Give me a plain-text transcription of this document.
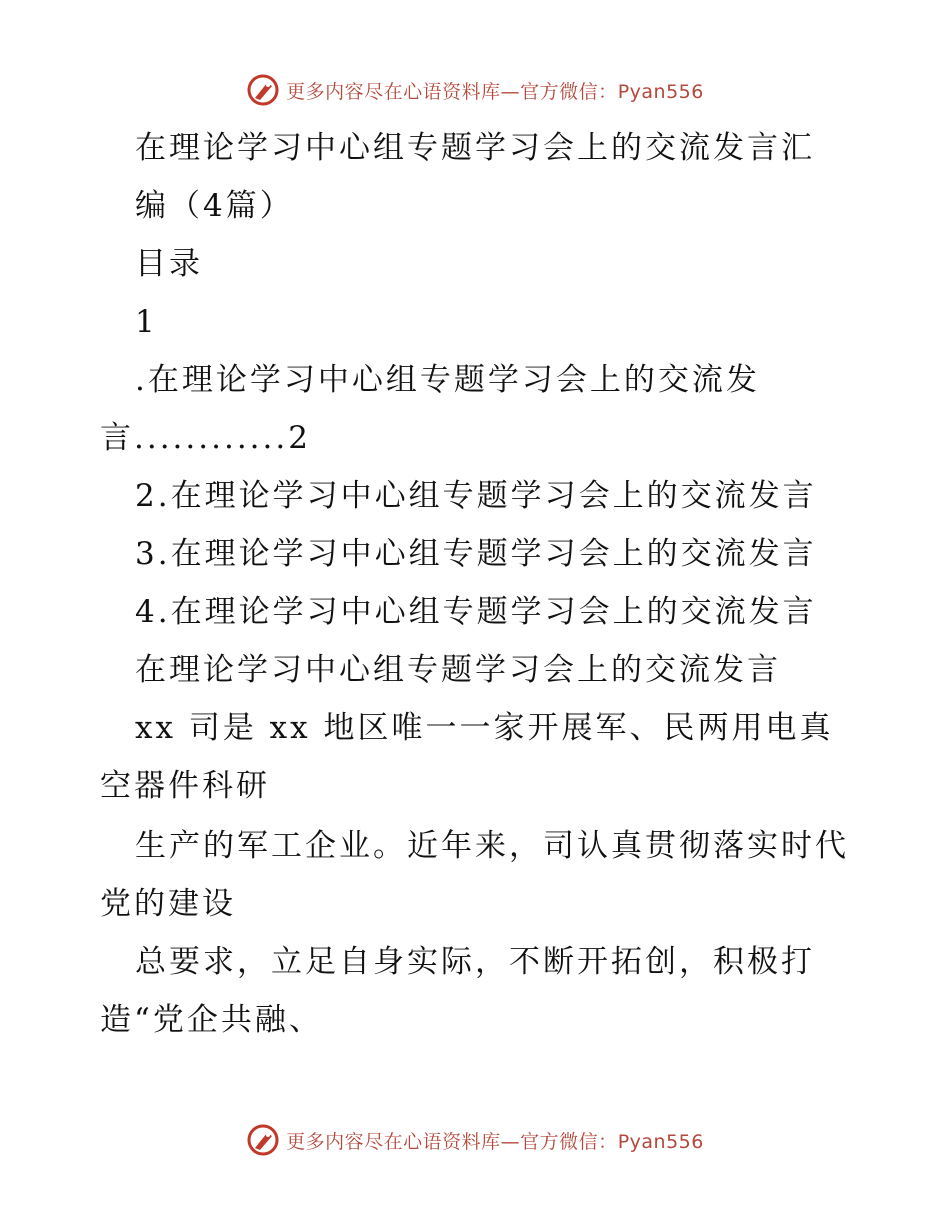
更多内容尽在心语资料库—官方微信：Pyan556
在理论学习中心组专题学习会上的交流发言汇
编（4篇）
目录
1
.在理论学习中心组专题学习会上的交流发
言............2
2.在理论学习中心组专题学习会上的交流发言
3.在理论学习中心组专题学习会上的交流发言
4.在理论学习中心组专题学习会上的交流发言
在理论学习中心组专题学习会上的交流发言
xx 司是 xx 地区唯一一家开展军、民两用电真
空器件科研
生产的军工企业。近年来，司认真贯彻落实时代
党的建设
总要求，立足自身实际，不断开拓创，积极打
造“党企共融、
更多内容尽在心语资料库—官方微信：Pyan556
